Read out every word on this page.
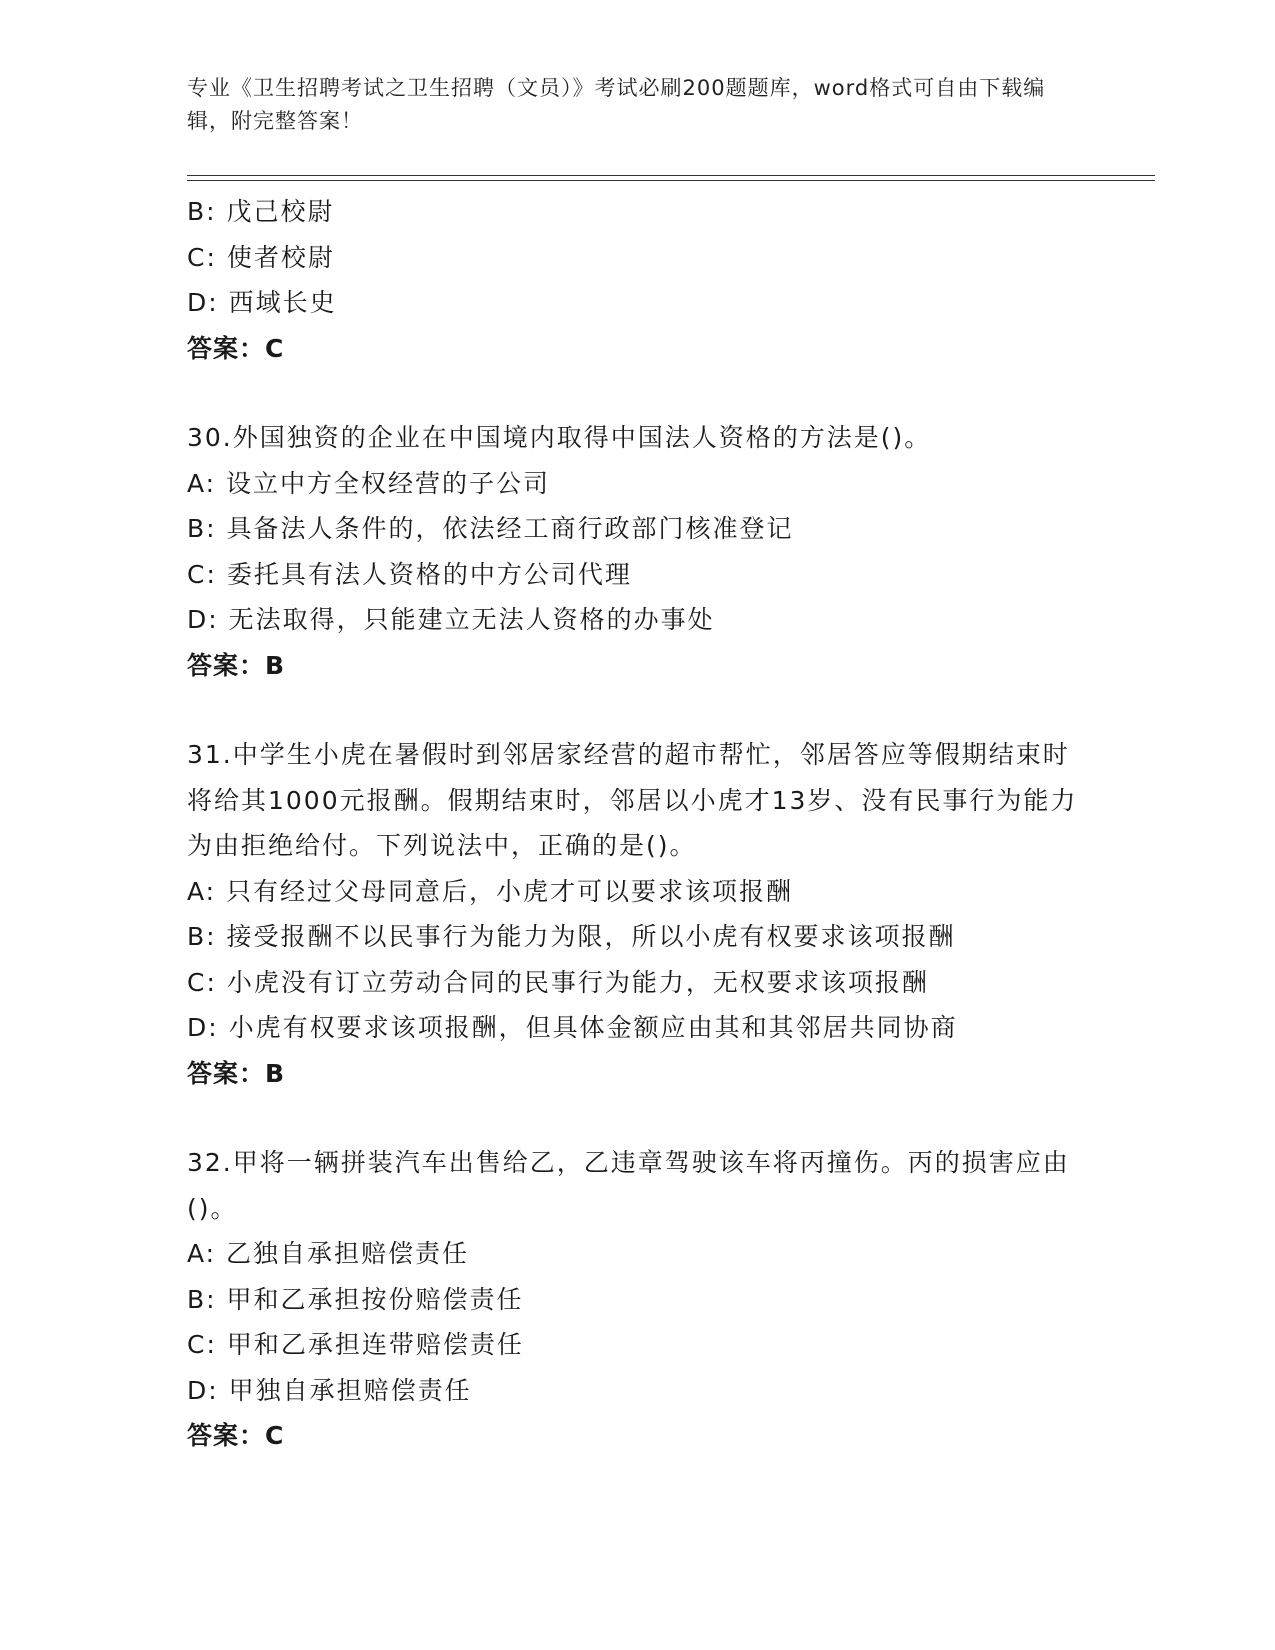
专业《卫生招聘考试之卫生招聘（文员）》考试必刷200题题库，word格式可自由下载编辑，附完整答案！
B: 戊己校尉
C: 使者校尉
D: 西域长史
答案：C
30.外国独资的企业在中国境内取得中国法人资格的方法是()。
A: 设立中方全权经营的子公司
B: 具备法人条件的，依法经工商行政部门核准登记
C: 委托具有法人资格的中方公司代理
D: 无法取得，只能建立无法人资格的办事处
答案：B
31.中学生小虎在暑假时到邻居家经营的超市帮忙，邻居答应等假期结束时将给其1000元报酬。假期结束时，邻居以小虎才13岁、没有民事行为能力为由拒绝给付。下列说法中，正确的是()。
A: 只有经过父母同意后，小虎才可以要求该项报酬
B: 接受报酬不以民事行为能力为限，所以小虎有权要求该项报酬
C: 小虎没有订立劳动合同的民事行为能力，无权要求该项报酬
D: 小虎有权要求该项报酬，但具体金额应由其和其邻居共同协商
答案：B
32.甲将一辆拼装汽车出售给乙，乙违章驾驶该车将丙撞伤。丙的损害应由()。
A: 乙独自承担赔偿责任
B: 甲和乙承担按份赔偿责任
C: 甲和乙承担连带赔偿责任
D: 甲独自承担赔偿责任
答案：C
